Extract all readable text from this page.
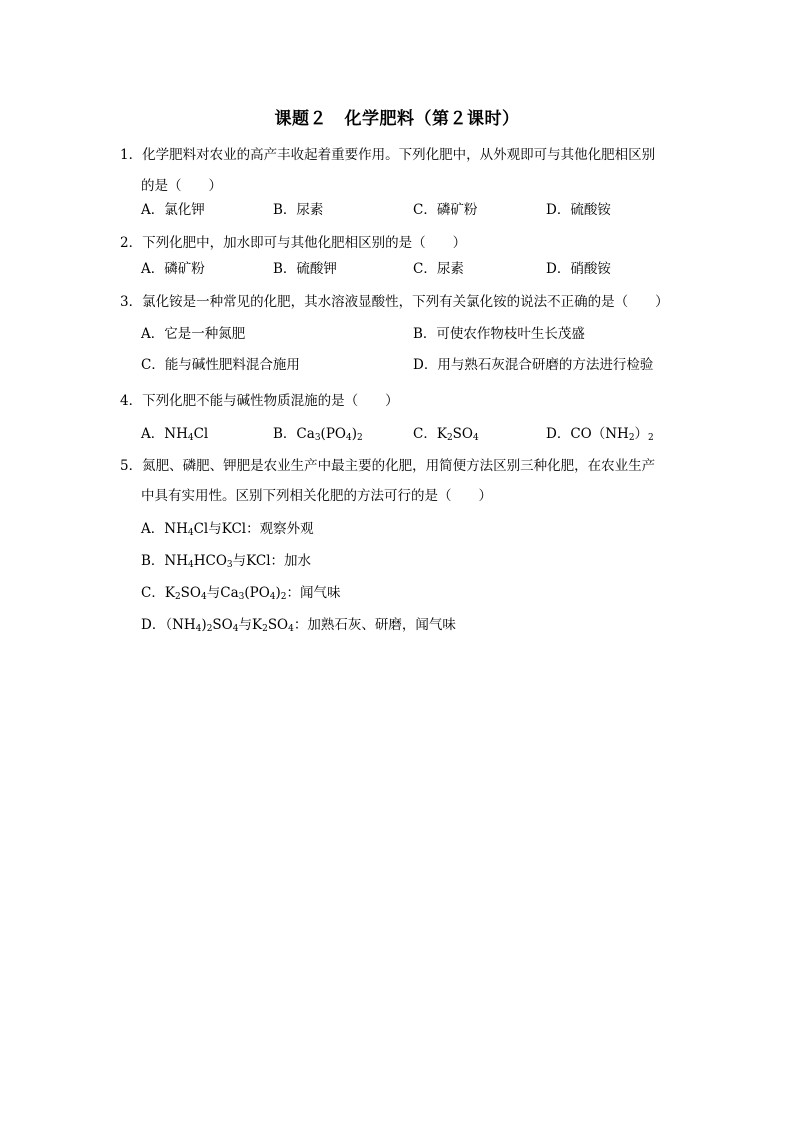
课题２　化学肥料（第２课时）
1．化学肥料对农业的高产丰收起着重要作用。下列化肥中，从外观即可与其他化肥相区别
的是（　　）
A．氯化钾	B．尿素	C．磷矿粉	D．硫酸铵
2．下列化肥中，加水即可与其他化肥相区别的是（　　）
A．磷矿粉	B．硫酸钾	C．尿素	D．硝酸铵
3．氯化铵是一种常见的化肥，其水溶液显酸性，下列有关氯化铵的说法不正确的是（　　）
A．它是一种氮肥	B．可使农作物枝叶生长茂盛
C．能与碱性肥料混合施用	D．用与熟石灰混合研磨的方法进行检验
4．下列化肥不能与碱性物质混施的是（　　）
A．$NH_4Cl$	B．$Ca_3(PO_4)_2$	C．$K_2SO_4$	D．$CO(NH_2)_2$
5．氮肥、磷肥、钾肥是农业生产中最主要的化肥，用简便方法区别三种化肥，在农业生产
中具有实用性。区别下列相关化肥的方法可行的是（　　）
A．$NH_4Cl$与KCl：观察外观
B．$NH_4HCO_3$与KCl：加水
C．$K_2SO_4$与$Ca_3(PO_4)_2$：闻气味
D．$(NH_4)_2SO_4$与$K_2SO_4$：加熟石灰、研磨，闻气味
